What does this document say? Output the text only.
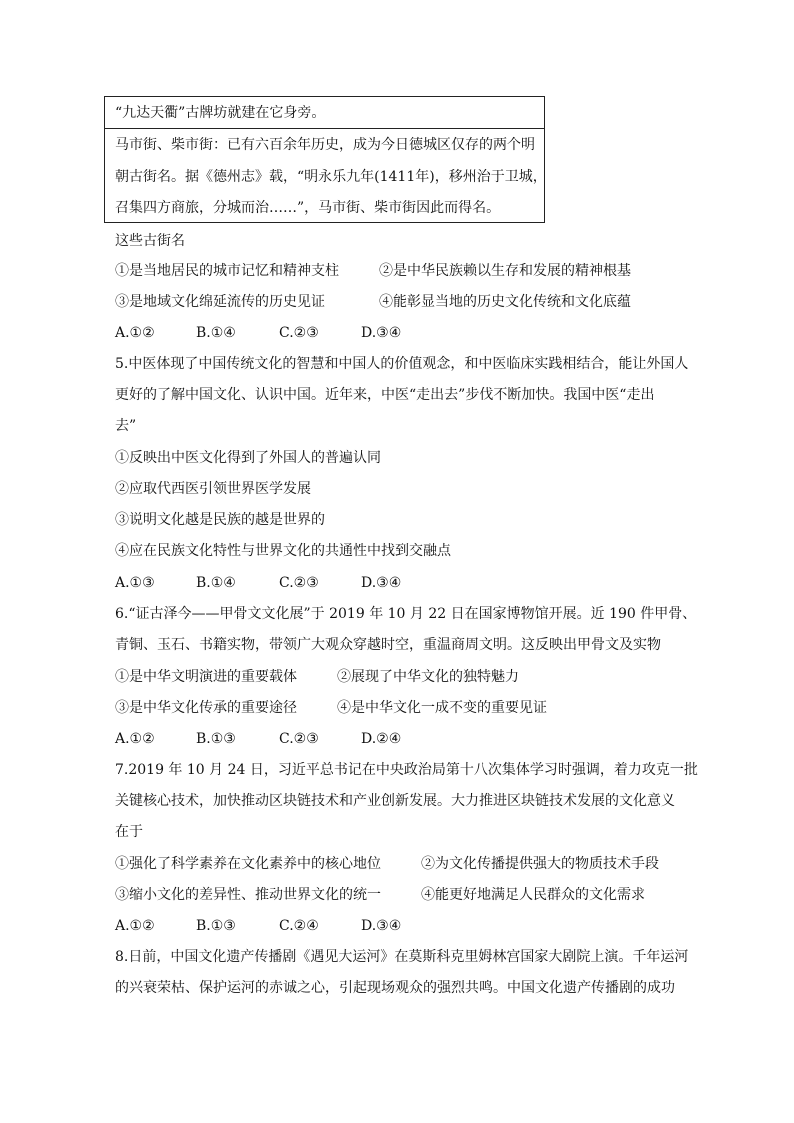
“九达天衢”古牌坊就建在它身旁。
马市街、柴市街：已有六百余年历史，成为今日德城区仅存的两个明
朝古街名。据《德州志》载，“明永乐九年(1411年)，移州治于卫城，
召集四方商旅，分城而治……”，马市街、柴市街因此而得名。
这些古街名
①是当地居民的城市记忆和精神支柱	②是中华民族赖以生存和发展的精神根基
③是地域文化绵延流传的历史见证	④能彰显当地的历史文化传统和文化底蕴
A.①②	B.①④	C.②③	D.③④
5.中医体现了中国传统文化的智慧和中国人的价值观念，和中医临床实践相结合，能让外国人
更好的了解中国文化、认识中国。近年来，中医“走出去”步伐不断加快。我国中医“走出
去”
①反映出中医文化得到了外国人的普遍认同
②应取代西医引领世界医学发展
③说明文化越是民族的越是世界的
④应在民族文化特性与世界文化的共通性中找到交融点
A.①③	B.①④	C.②③	D.③④
6.“证古泽今——甲骨文文化展”于 2019 年 10 月 22 日在国家博物馆开展。近 190 件甲骨、
青铜、玉石、书籍实物，带领广大观众穿越时空，重温商周文明。这反映出甲骨文及实物
①是中华文明演进的重要载体	②展现了中华文化的独特魅力
③是中华文化传承的重要途径	④是中华文化一成不变的重要见证
A.①②	B.①③	C.②③	D.②④
7.2019 年 10 月 24 日，习近平总书记在中央政治局第十八次集体学习时强调，着力攻克一批
关键核心技术，加快推动区块链技术和产业创新发展。大力推进区块链技术发展的文化意义
在于
①强化了科学素养在文化素养中的核心地位	②为文化传播提供强大的物质技术手段
③缩小文化的差异性、推动世界文化的统一	④能更好地满足人民群众的文化需求
A.①②	B.①③	C.②④	D.③④
8.日前，中国文化遗产传播剧《遇见大运河》在莫斯科克里姆林宫国家大剧院上演。千年运河
的兴衰荣枯、保护运河的赤诚之心，引起现场观众的强烈共鸣。中国文化遗产传播剧的成功
